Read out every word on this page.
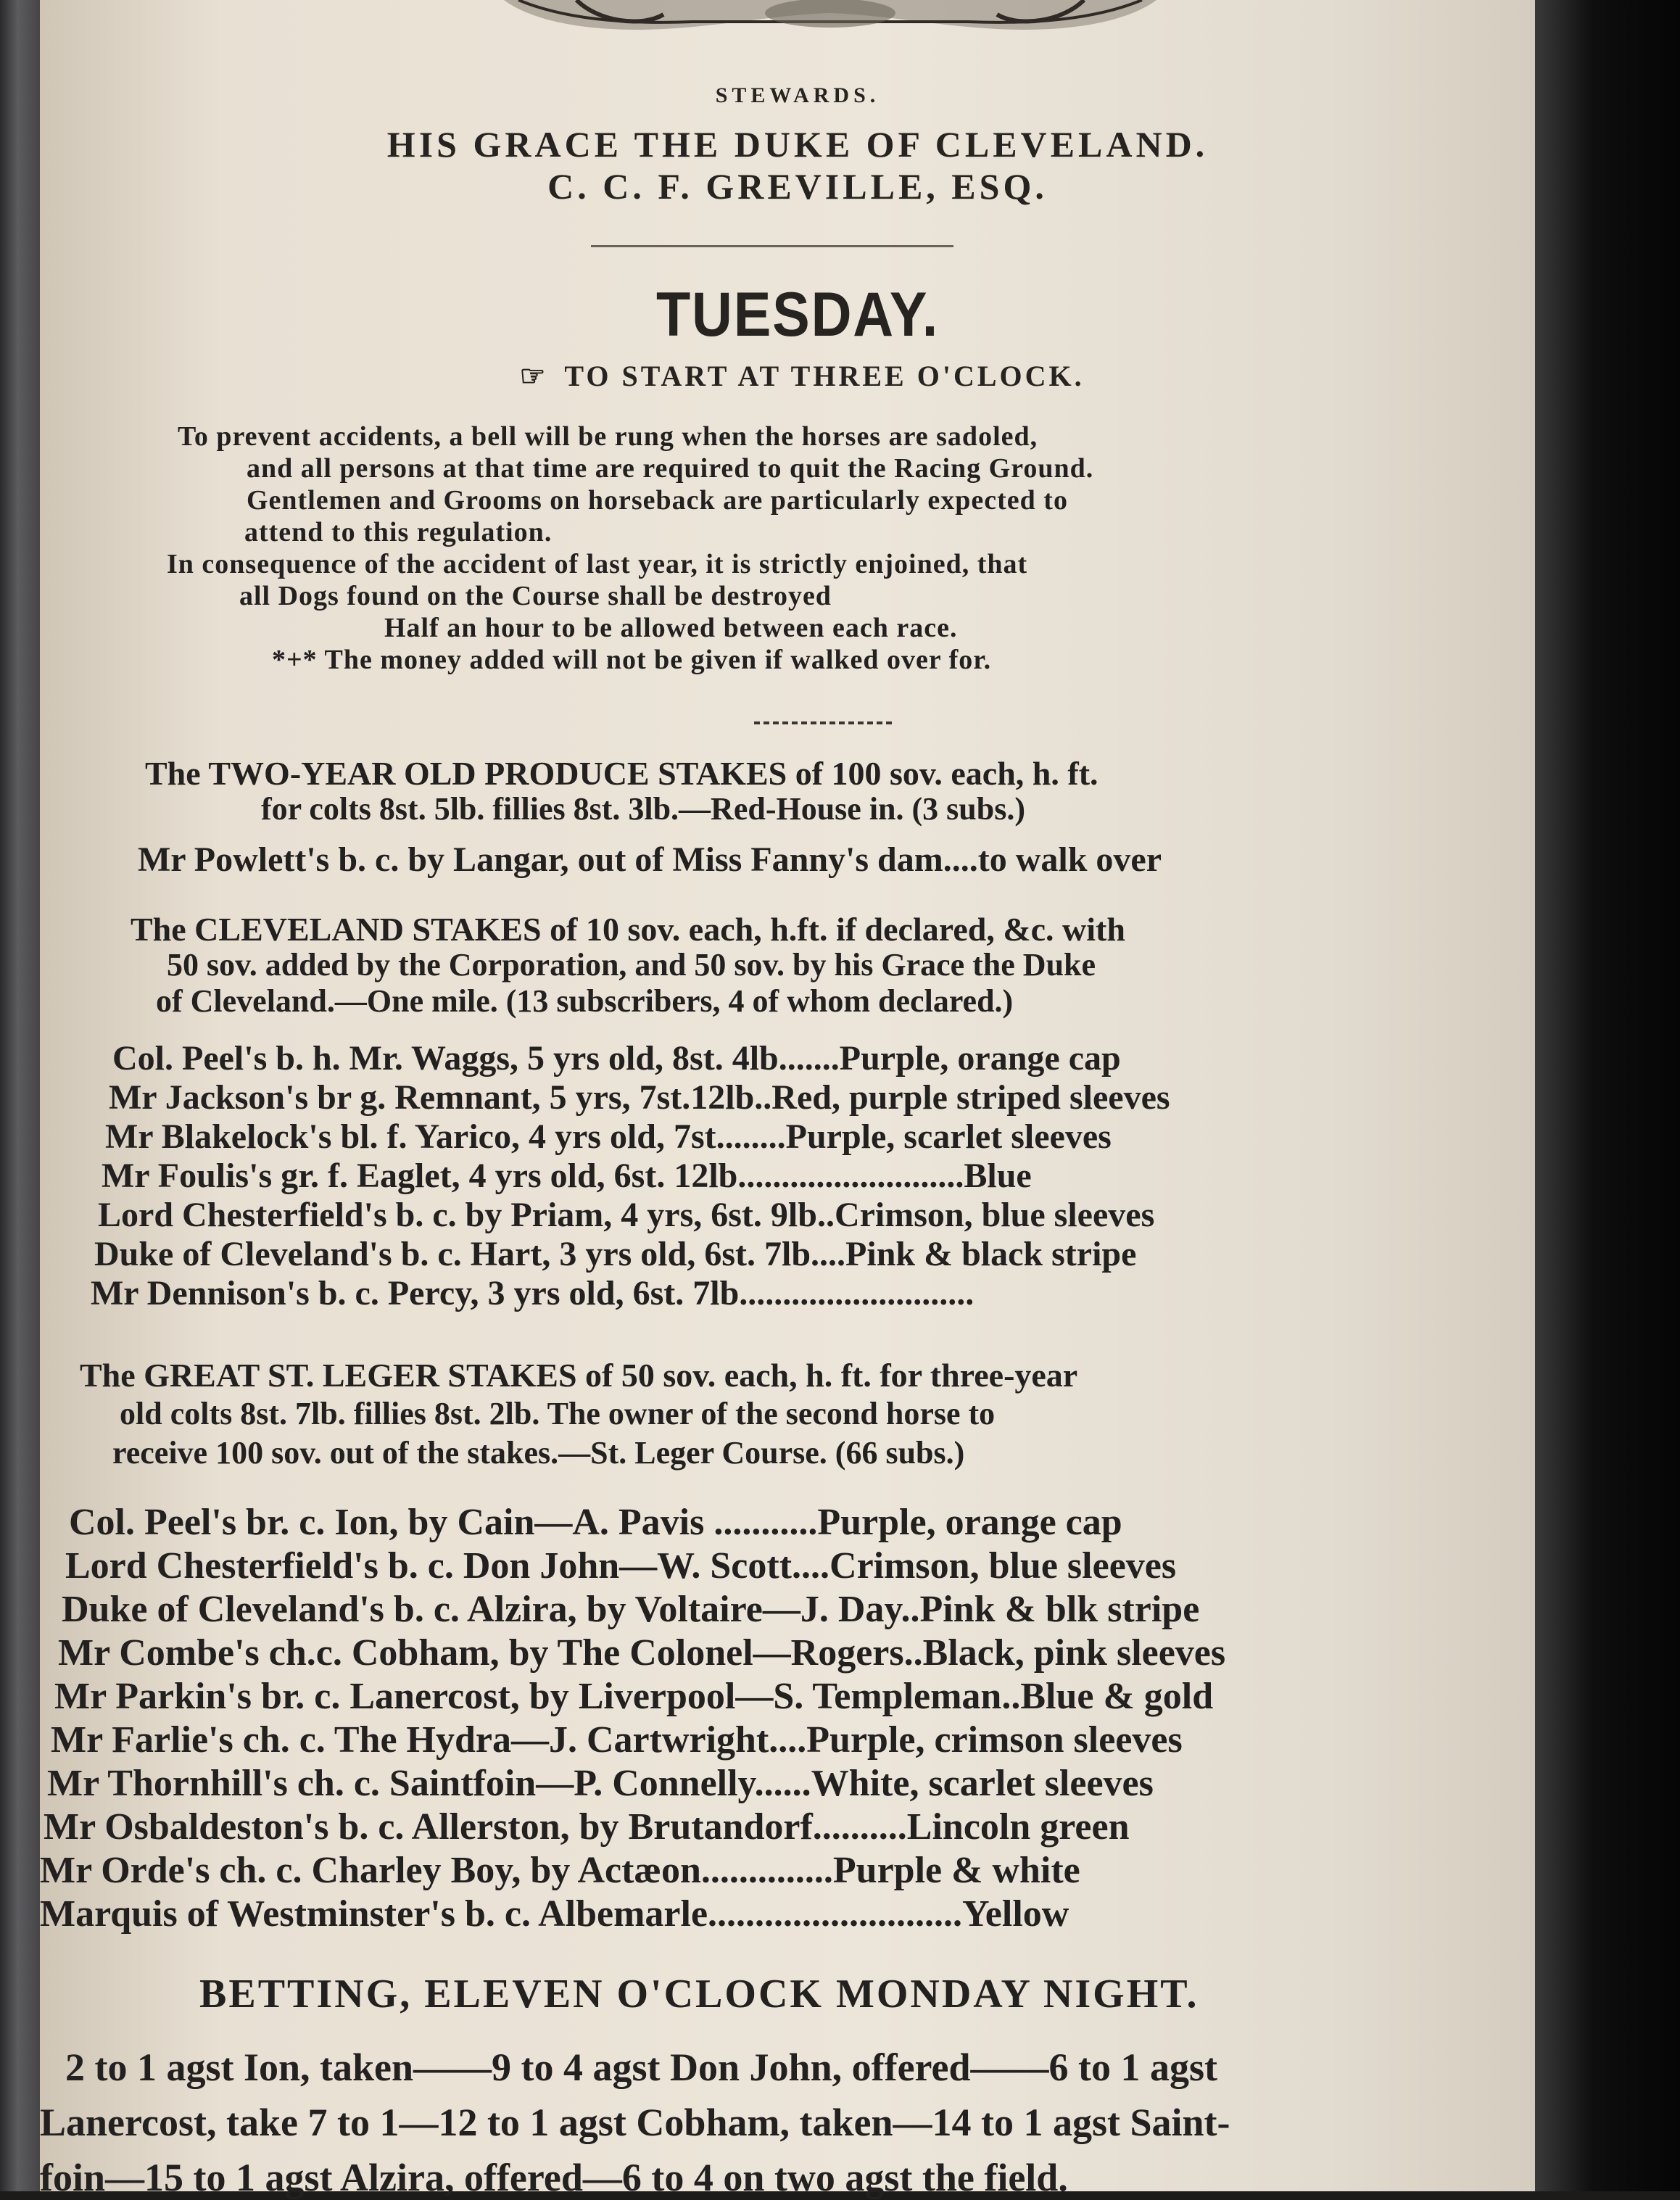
STEWARDS.
HIS GRACE THE DUKE OF CLEVELAND.
C. C. F. GREVILLE, ESQ.
TUESDAY.
☞ TO START AT THREE O'CLOCK.
To prevent accidents, a bell will be rung when the horses are sadoled,
and all persons at that time are required to quit the Racing Ground.
Gentlemen and Grooms on horseback are particularly expected to
attend to this regulation.
In consequence of the accident of last year, it is strictly enjoined, that
all Dogs found on the Course shall be destroyed
Half an hour to be allowed between each race.
*+* The money added will not be given if walked over for.
The TWO-YEAR OLD PRODUCE STAKES of 100 sov. each, h. ft.
for colts 8st. 5lb. fillies 8st. 3lb.—Red-House in. (3 subs.)
Mr Powlett's b. c. by Langar, out of Miss Fanny's dam....to walk over
The CLEVELAND STAKES of 10 sov. each, h.ft. if declared, &c. with
50 sov. added by the Corporation, and 50 sov. by his Grace the Duke
of Cleveland.—One mile. (13 subscribers, 4 of whom declared.)
Col. Peel's b. h. Mr. Waggs, 5 yrs old, 8st. 4lb.......Purple, orange cap
Mr Jackson's br g. Remnant, 5 yrs, 7st.12lb..Red, purple striped sleeves
Mr Blakelock's bl. f. Yarico, 4 yrs old, 7st........Purple, scarlet sleeves
Mr Foulis's gr. f. Eaglet, 4 yrs old, 6st. 12lb..........................Blue
Lord Chesterfield's b. c. by Priam, 4 yrs, 6st. 9lb..Crimson, blue sleeves
Duke of Cleveland's b. c. Hart, 3 yrs old, 6st. 7lb....Pink & black stripe
Mr Dennison's b. c. Percy, 3 yrs old, 6st. 7lb...........................
The GREAT ST. LEGER STAKES of 50 sov. each, h. ft. for three-year
old colts 8st. 7lb. fillies 8st. 2lb. The owner of the second horse to
receive 100 sov. out of the stakes.—St. Leger Course. (66 subs.)
Col. Peel's br. c. Ion, by Cain—A. Pavis ...........Purple, orange cap
Lord Chesterfield's b. c. Don John—W. Scott....Crimson, blue sleeves
Duke of Cleveland's b. c. Alzira, by Voltaire—J. Day..Pink & blk stripe
Mr Combe's ch.c. Cobham, by The Colonel—Rogers..Black, pink sleeves
Mr Parkin's br. c. Lanercost, by Liverpool—S. Templeman..Blue & gold
Mr Farlie's ch. c. The Hydra—J. Cartwright....Purple, crimson sleeves
Mr Thornhill's ch. c. Saintfoin—P. Connelly......White, scarlet sleeves
Mr Osbaldeston's b. c. Allerston, by Brutandorf..........Lincoln green
Mr Orde's ch. c. Charley Boy, by Actæon..............Purple & white
Marquis of Westminster's b. c. Albemarle...........................Yellow
BETTING, ELEVEN O'CLOCK MONDAY NIGHT.
2 to 1 agst Ion, taken——9 to 4 agst Don John, offered——6 to 1 agst
Lanercost, take 7 to 1—12 to 1 agst Cobham, taken—14 to 1 agst Saint-
foin—15 to 1 agst Alzira, offered—6 to 4 on two agst the field.
